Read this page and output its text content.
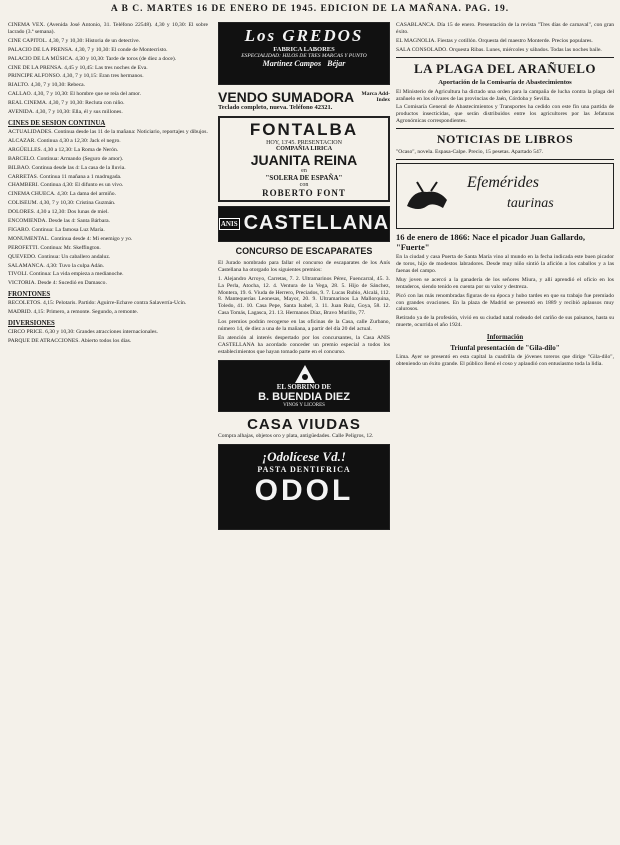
A B C. MARTES 16 DE ENERO DE 1945. EDICION DE LA MAÑANA. PAG. 19.
CINEMA VEX. (Avenida José Antonio, 31. Teléfono 22548). 4,30 y 10,30: El sobre lacrado (3.ª semana).
CINE CAPITOL. 4,30, 7 y 10,30: Historia de un detective.
PALACIO DE LA PRENSA. 4,30, 7 y 10,30: El conde de Montecristo.
PALACIO DE LA MÚSICA. 4,30 y 10,30: Tarde de toros (de diez a doce).
CINE DE LA PRENSA. 4,45 y 10,45: Las tres noches de Eva.
PRINCIPE ALFONSO. 4,30, 7 y 10,15: Eran tres hermanos.
RIALTO. 4,30, 7 y 10,30: Rebeca.
CALLAO. 4,30, 7 y 10,30: El hombre que se reía del amor.
REAL CINEMA. 4,30, 7 y 10,30: Recluta con niño.
AVENIDA. 4,30, 7 y 10,30: Ella, él y sus millones.
CINES DE SESION CONTINUA
ACTUALIDADES. Continua desde las 11 de la mañana: Noticiario, reportajes y dibujos.
ALCAZAR. Continua 4,30 a 12,30: Jack el negro.
ARGÜELLES. 4,30 a 12,30: La Roma de Nerón.
BARCELO. Continua: Armando (Seguro de amor).
BILBAO. Continua desde las 4: La casa de la lluvia.
CARRETAS. Continua 11 mañana a 1 madrugada.
CHAMBERI. Continua 4,30: El difunto es un vivo.
CINEMA CHUECA. 4,30: La dama del armiño.
COLISEUM. 4,30, 7 y 10,30: Cristina Guzmán.
DOLORES. 4,30 a 12,30: Dos lunas de miel.
ENCOMIENDA. Desde las 4: Santa Bárbara.
FIGARO. Continua: La famosa Luz María.
MONUMENTAL. Continua desde 4: Mi enemigo y yo.
PEROFETTI. Continua: Mr. Skeffington.
QUEVEDO. Continua: Un caballero andaluz.
SALAMANCA. 4,30: Tuvo la culpa Adán.
TIVOLI. Continua: La vida empieza a medianoche.
VICTORIA. Desde 4: Sucedió en Damasco.
FRONTONES
RECOLETOS. 4,15: Pelotaris. Partido: Aguirre-Echave contra Salaverría-Ucín.
MADRID. 4,15: Primero, a remonte. Segundo, a remonte.
DIVERSIONES
CIRCO PRICE. 6,30 y 10,30: Grandes atracciones internacionales.
PARQUE DE ATRACCIONES. Abierto todos los días.
Los GREDOS
FABRICA LABORES
ESPECIALIDAD: HILOS DE TRES MARCAS Y PUNTO
Martinez Campos Béjar
VENDO SUMADORA Marca Add-Index
Teclado completo, nueva. Teléfono 42321.
FONTALBA
HOY, 13'45. PRESENTACION
COMPAÑIA LIRICA
JUANITA REINA
en
"SOLERA DE ESPAÑA"
con
ROBERTO FONT
ANIS CASTELLANA
CONCURSO DE ESCAPARATES
El Jurado nombrado para fallar el concurso de escaparates de los Anís Castellana ha otorgado los siguientes premios:
1. Alejandro Arroyo, Carretas, 7. 2. Ultramarinos Pérez, Fuencarral, 45. 3. La Perla, Atocha, 12. 4. Ventura de la Vega, 28. 5. Hijo de Sánchez, Montera, 19. 6. Viuda de Herrero, Preciados, 9. 7. Lucas Rubio, Alcalá, 112. 8. Mantequerías Leonesas, Mayor, 20. 9. Ultramarinos La Mallorquina, Toledo, 41. 10. Casa Pepe, Santa Isabel, 3. 11. Juan Ruiz, Goya, 58. 12. Casa Tomás, Lagasca, 21. 13. Hermanos Díaz, Bravo Murillo, 77.
Los premios podrán recogerse en las oficinas de la Casa, calle Zurbano, número 14, de diez a una de la mañana, a partir del día 20 del actual.
En atención al interés despertado por los concursantes, la Casa ANIS CASTELLANA ha acordado conceder un premio especial a todos los establecimientos que hayan tomado parte en el concurso.
EL SOBRINO DE
B. BUENDIA DIEZ
VINOS Y LICORES
CASA VIUDAS
Compra alhajas, objetos oro y plata, antigüedades. Calle Peligros, 12.
¡Odolícese Vd.!
PASTA DENTIFRICA
ODOL
CASABLANCA. Día 15 de enero. Presentación de la revista "Tres días de carnaval", con gran éxito.
EL MAGNOLIA. Fiestas y cotillón. Orquesta del maestro Monterde. Precios populares.
SALA CONSOLADO. Orquesta Ribas. Lunes, miércoles y sábados. Todas las noches baile.
LA PLAGA DEL ARAÑUELO
Aportación de la Comisaría de Abastecimientos
El Ministerio de Agricultura ha dictado una orden para la campaña de lucha contra la plaga del arañuelo en los olivares de las provincias de Jaén, Córdoba y Sevilla.
La Comisaría General de Abastecimientos y Transportes ha cedido con este fin una partida de productos insecticidas, que serán distribuidos entre los agricultores por las Jefaturas Agronómicas correspondientes.
NOTICIAS DE LIBROS
"Ocaso", novela. Espasa-Calpe. Precio, 15 pesetas. Apartado 547.
Efemérides
taurinas
16 de enero de 1866: Nace el picador Juan Gallardo, "Fuerte"
En la ciudad y casa Puerta de Santa María vino al mundo en la fecha indicada este buen picador de toros, hijo de modestos labradores. Desde muy niño sintió la afición a los caballos y a las faenas del campo.
Muy joven se acercó a la ganadería de los señores Miura, y allí aprendió el oficio en los tentaderos, siendo tenido en cuenta por su valor y destreza.
Picó con las más renombradas figuras de su época y hubo tardes en que su trabajo fue premiado con grandes ovaciones. En la plaza de Madrid se presentó en 1889 y recibió aplausos muy calurosos.
Retirado ya de la profesión, vivió en su ciudad natal rodeado del cariño de sus paisanos, hasta su muerte, ocurrida el año 1924.
Información
Triunfal presentación de "Gila-dilo"
Lima. Ayer se presentó en esta capital la cuadrilla de jóvenes toreros que dirige "Gila-dilo", obteniendo un éxito grande. El público llenó el coso y aplaudió con entusiasmo toda la lidia.
